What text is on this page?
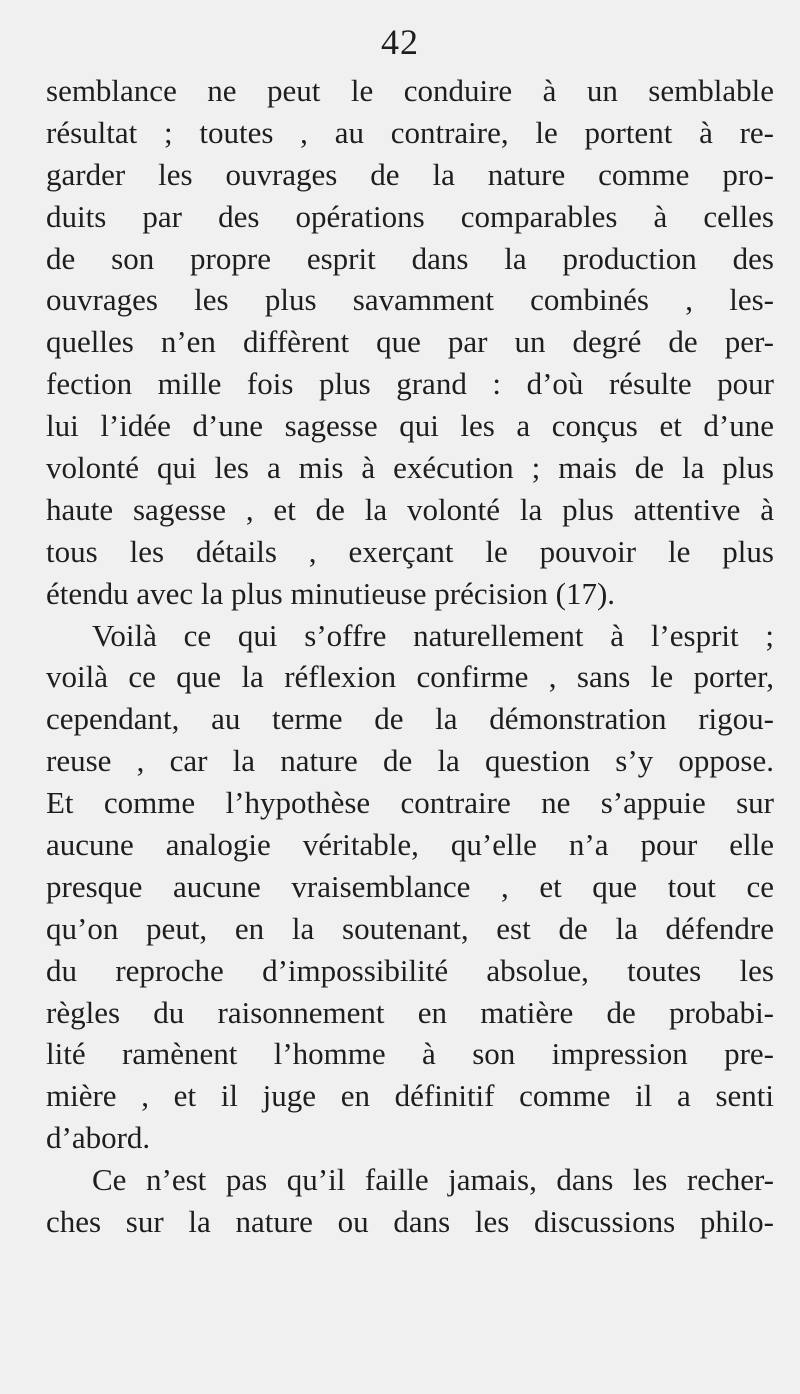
42
semblance ne peut le conduire à un semblable
résultat ; toutes , au contraire, le portent à re-
garder les ouvrages de la nature comme pro-
duits par des opérations comparables à celles
de son propre esprit dans la production des
ouvrages les plus savamment combinés , les-
quelles n’en diffèrent que par un degré de per-
fection mille fois plus grand : d’où résulte pour
lui l’idée d’une sagesse qui les a conçus et d’une
volonté qui les a mis à exécution ; mais de la plus
haute sagesse , et de la volonté la plus attentive à
tous les détails , exerçant le pouvoir le plus
étendu avec la plus minutieuse précision (17).
Voilà ce qui s’offre naturellement à l’esprit ;
voilà ce que la réflexion confirme , sans le porter,
cependant, au terme de la démonstration rigou-
reuse , car la nature de la question s’y oppose.
Et comme l’hypothèse contraire ne s’appuie sur
aucune analogie véritable, qu’elle n’a pour elle
presque aucune vraisemblance , et que tout ce
qu’on peut, en la soutenant, est de la défendre
du reproche d’impossibilité absolue, toutes les
règles du raisonnement en matière de probabi-
lité ramènent l’homme à son impression pre-
mière , et il juge en définitif comme il a senti
d’abord.
Ce n’est pas qu’il faille jamais, dans les recher-
ches sur la nature ou dans les discussions philo-
